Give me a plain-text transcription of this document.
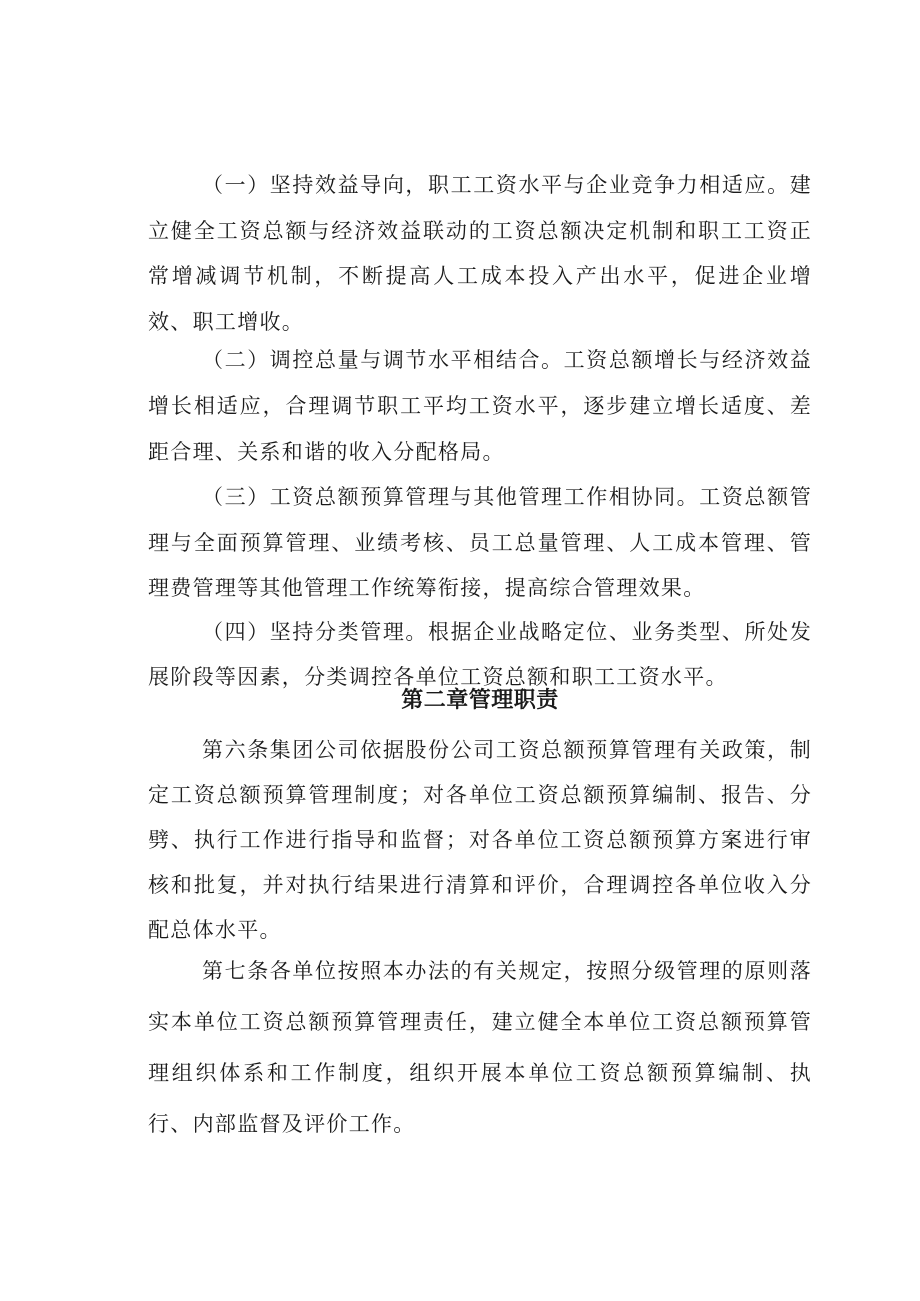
（一）坚持效益导向，职工工资水平与企业竞争力相适应。建立健全工资总额与经济效益联动的工资总额决定机制和职工工资正常增减调节机制，不断提高人工成本投入产出水平，促进企业增效、职工增收。

（二）调控总量与调节水平相结合。工资总额增长与经济效益增长相适应，合理调节职工平均工资水平，逐步建立增长适度、差距合理、关系和谐的收入分配格局。

（三）工资总额预算管理与其他管理工作相协同。工资总额管理与全面预算管理、业绩考核、员工总量管理、人工成本管理、管理费管理等其他管理工作统筹衔接，提高综合管理效果。

（四）坚持分类管理。根据企业战略定位、业务类型、所处发展阶段等因素，分类调控各单位工资总额和职工工资水平。

第二章管理职责

第六条集团公司依据股份公司工资总额预算管理有关政策，制定工资总额预算管理制度；对各单位工资总额预算编制、报告、分劈、执行工作进行指导和监督；对各单位工资总额预算方案进行审核和批复，并对执行结果进行清算和评价，合理调控各单位收入分配总体水平。

第七条各单位按照本办法的有关规定，按照分级管理的原则落实本单位工资总额预算管理责任，建立健全本单位工资总额预算管理组织体系和工作制度，组织开展本单位工资总额预算编制、执行、内部监督及评价工作。
